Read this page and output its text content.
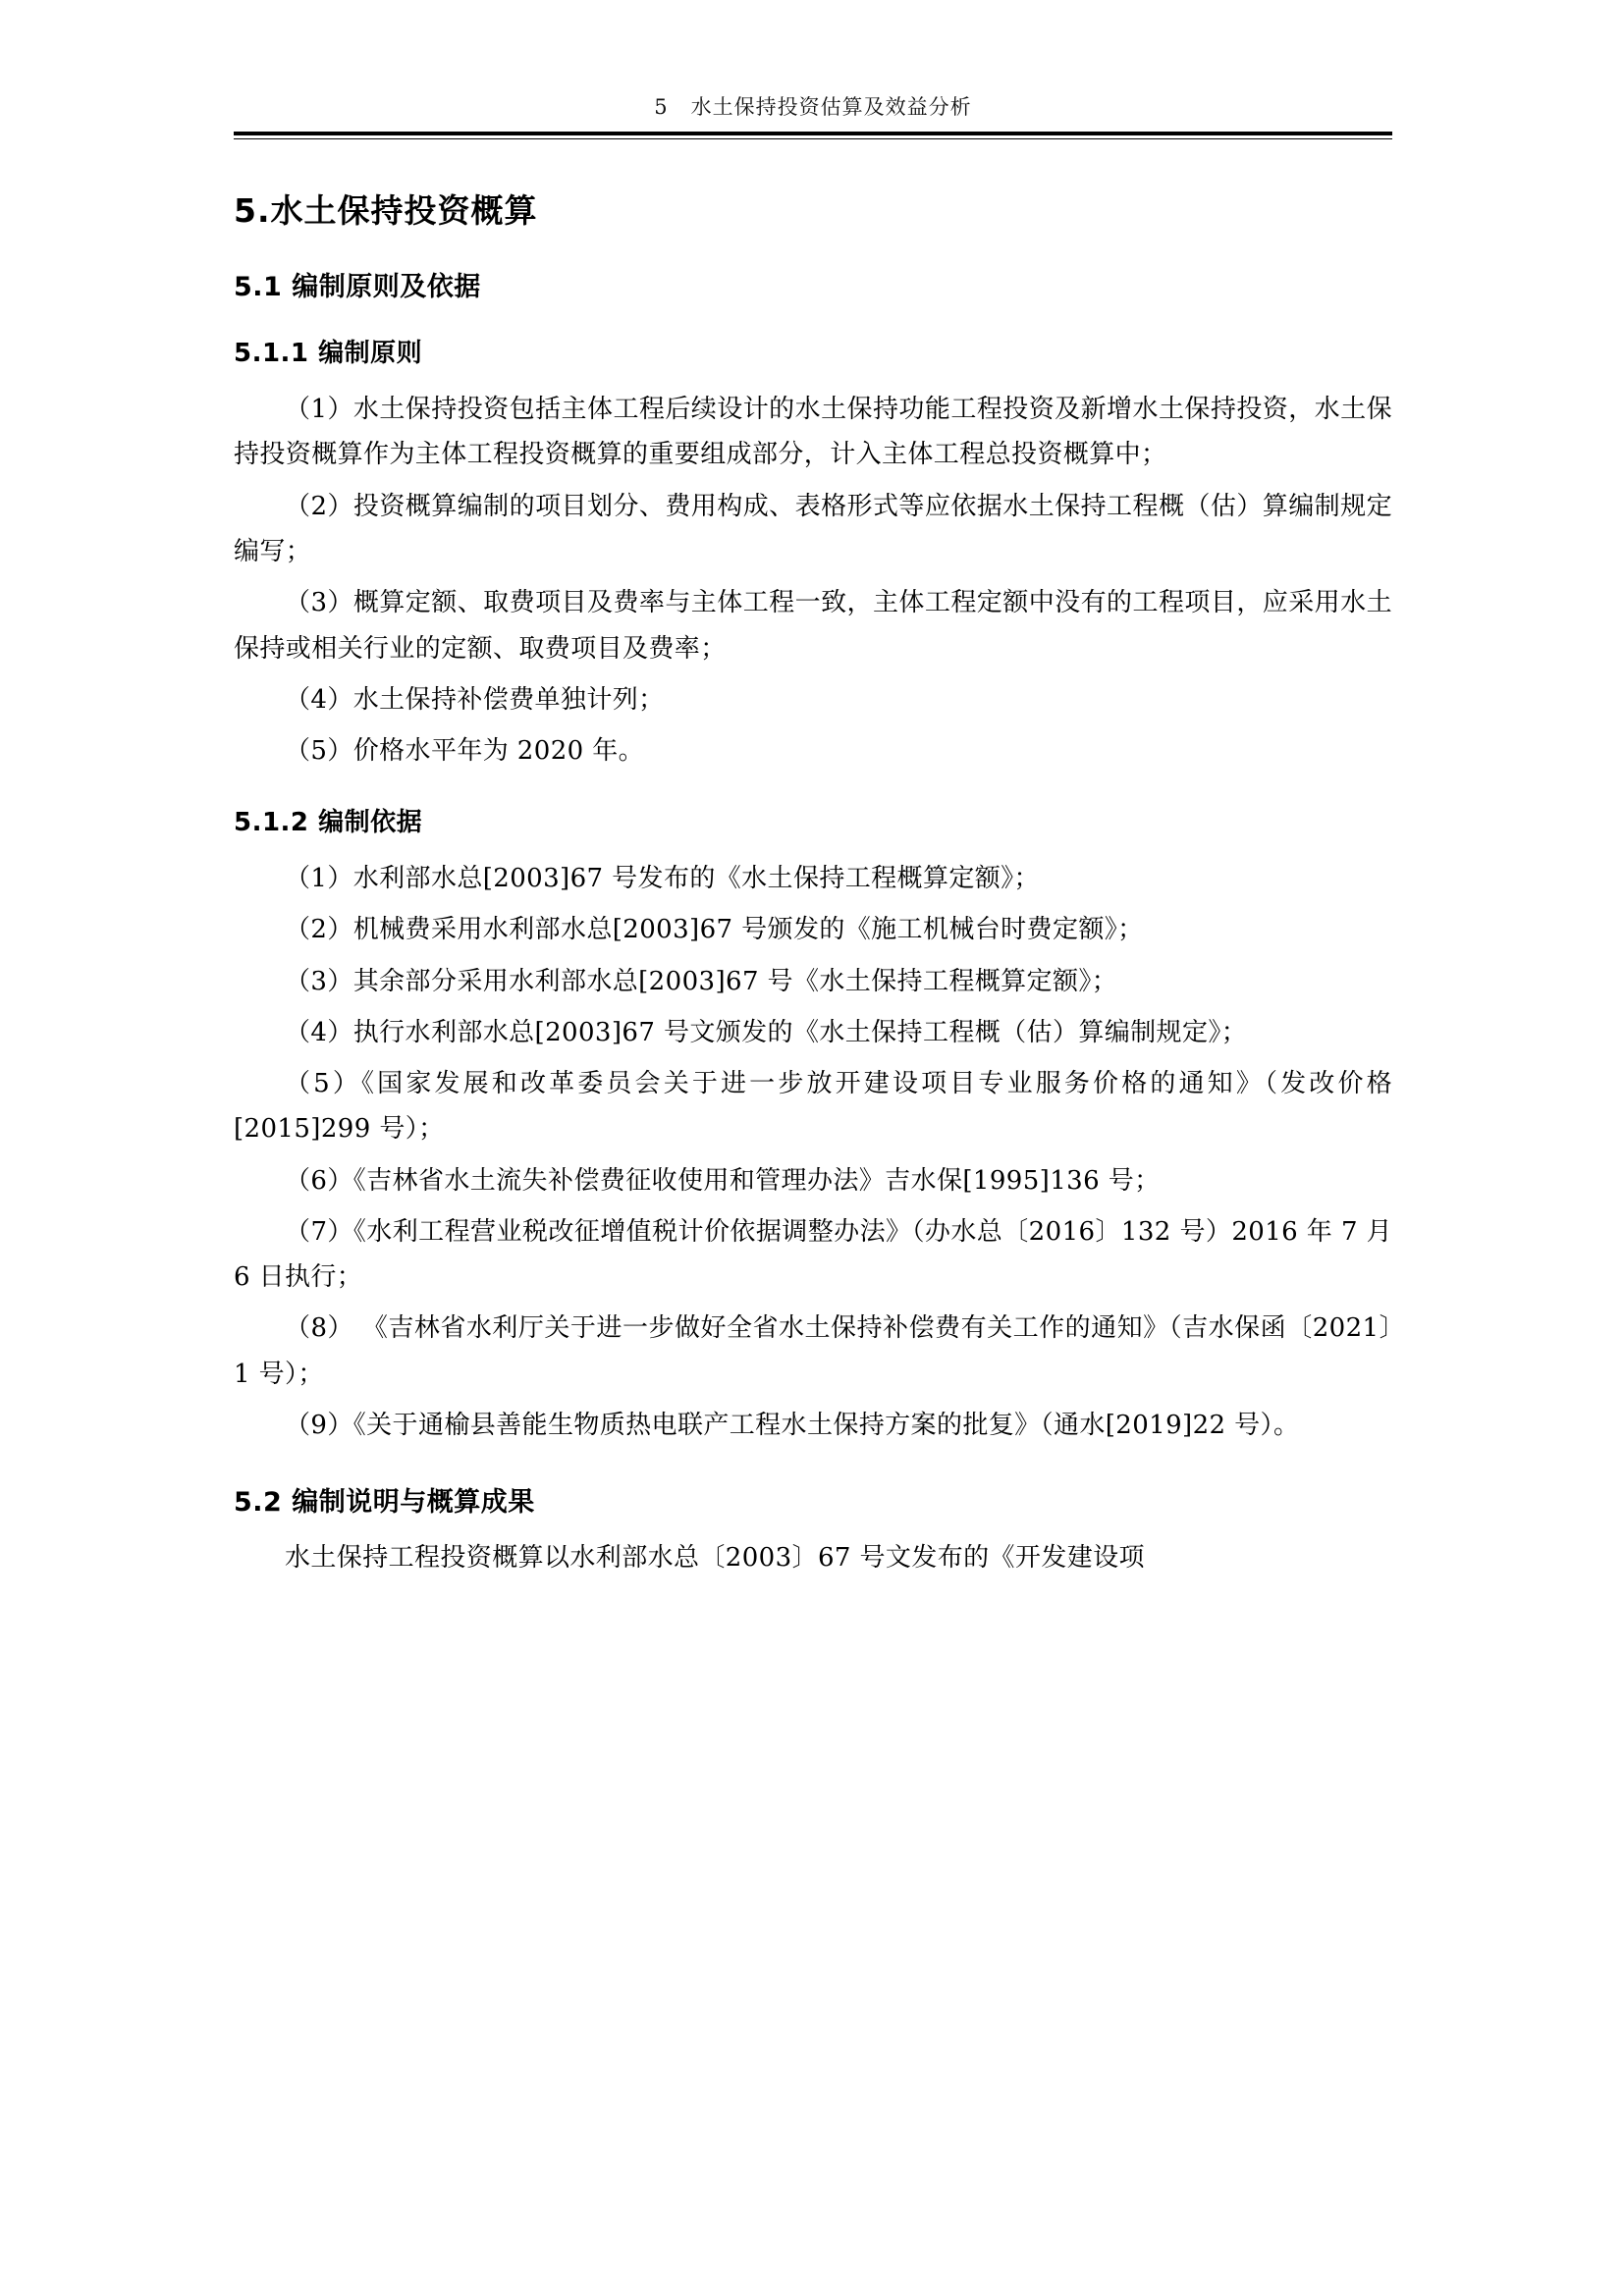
5   水土保持投资估算及效益分析
5.水土保持投资概算
5.1 编制原则及依据
5.1.1 编制原则

（1）水土保持投资包括主体工程后续设计的水土保持功能工程投资及新增水土保持投资，水土保持投资概算作为主体工程投资概算的重要组成部分，计入主体工程总投资概算中；

（2）投资概算编制的项目划分、费用构成、表格形式等应依据水土保持工程概（估）算编制规定编写；

（3）概算定额、取费项目及费率与主体工程一致，主体工程定额中没有的工程项目，应采用水土保持或相关行业的定额、取费项目及费率；

（4）水土保持补偿费单独计列；

（5）价格水平年为 2020 年。

5.1.2 编制依据

（1）水利部水总[2003]67 号发布的《水土保持工程概算定额》；

（2）机械费采用水利部水总[2003]67 号颁发的《施工机械台时费定额》；

（3）其余部分采用水利部水总[2003]67 号《水土保持工程概算定额》；

（4）执行水利部水总[2003]67 号文颁发的《水土保持工程概（估）算编制规定》；

（5）《国家发展和改革委员会关于进一步放开建设项目专业服务价格的通知》（发改价格[2015]299 号）；

（6）《吉林省水土流失补偿费征收使用和管理办法》吉水保[1995]136 号；

（7）《水利工程营业税改征增值税计价依据调整办法》（办水总〔2016〕132 号）2016 年 7 月 6 日执行；

（8） 《吉林省水利厅关于进一步做好全省水土保持补偿费有关工作的通知》（吉水保函〔2021〕1 号）；

（9）《关于通榆县善能生物质热电联产工程水土保持方案的批复》（通水[2019]22 号）。

5.2 编制说明与概算成果

水土保持工程投资概算以水利部水总〔2003〕67 号文发布的《开发建设项
